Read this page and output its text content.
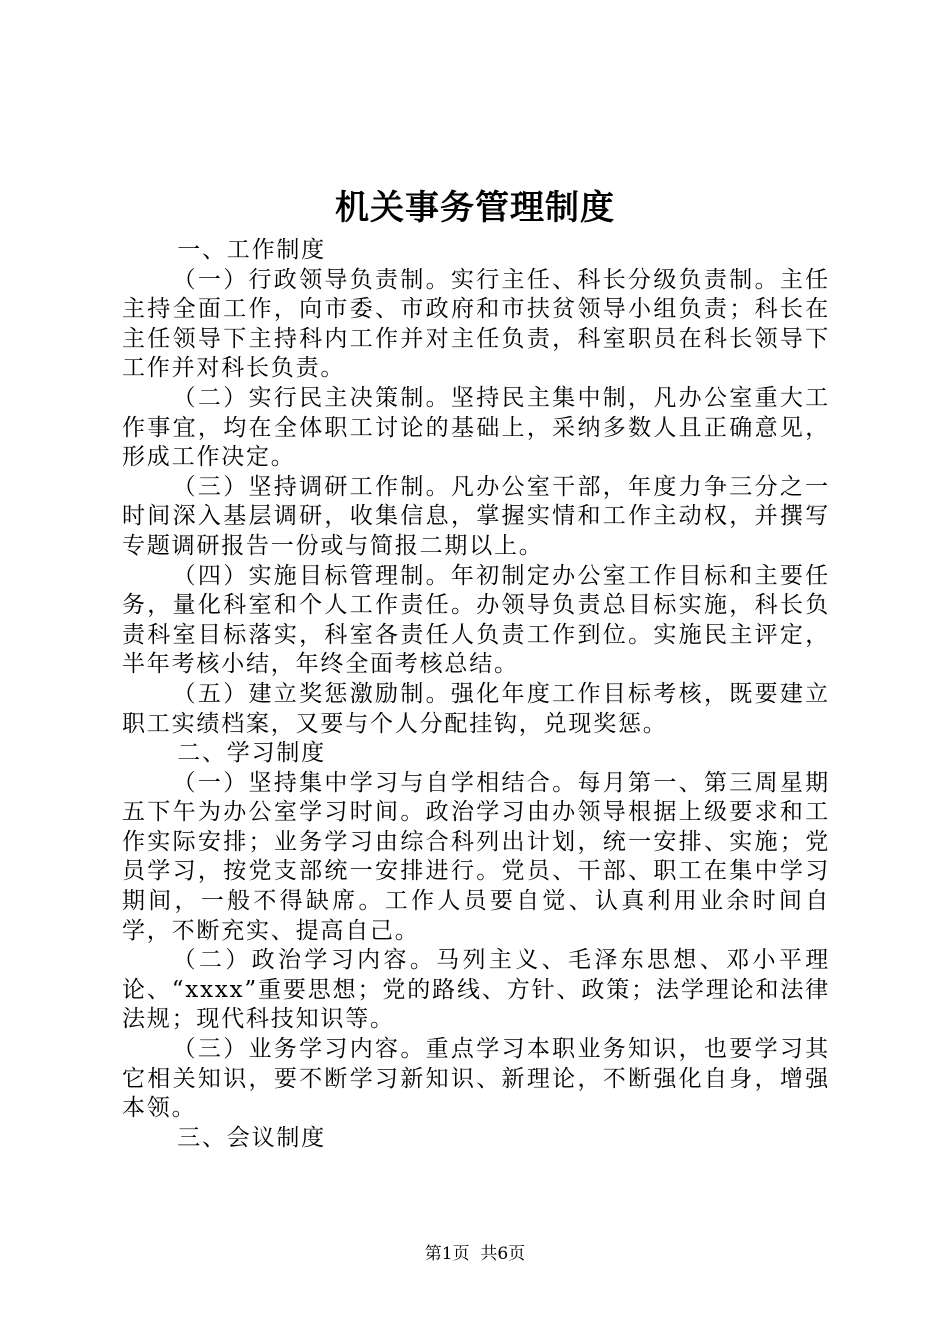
机关事务管理制度

一、工作制度

（一）行政领导负责制。实行主任、科长分级负责制。主任主持全面工作，向市委、市政府和市扶贫领导小组负责；科长在主任领导下主持科内工作并对主任负责，科室职员在科长领导下工作并对科长负责。

（二）实行民主决策制。坚持民主集中制，凡办公室重大工作事宜，均在全体职工讨论的基础上，采纳多数人且正确意见，形成工作决定。

（三）坚持调研工作制。凡办公室干部，年度力争三分之一时间深入基层调研，收集信息，掌握实情和工作主动权，并撰写专题调研报告一份或与简报二期以上。

（四）实施目标管理制。年初制定办公室工作目标和主要任务，量化科室和个人工作责任。办领导负责总目标实施，科长负责科室目标落实，科室各责任人负责工作到位。实施民主评定，半年考核小结，年终全面考核总结。

（五）建立奖惩激励制。强化年度工作目标考核，既要建立职工实绩档案，又要与个人分配挂钩，兑现奖惩。

二、学习制度

（一）坚持集中学习与自学相结合。每月第一、第三周星期五下午为办公室学习时间。政治学习由办领导根据上级要求和工作实际安排；业务学习由综合科列出计划，统一安排、实施；党员学习，按党支部统一安排进行。党员、干部、职工在集中学习期间，一般不得缺席。工作人员要自觉、认真利用业余时间自学，不断充实、提高自己。

（二）政治学习内容。马列主义、毛泽东思想、邓小平理论、“xxxx”重要思想；党的路线、方针、政策；法学理论和法律法规；现代科技知识等。

（三）业务学习内容。重点学习本职业务知识，也要学习其它相关知识，要不断学习新知识、新理论，不断强化自身，增强本领。

三、会议制度

第1页 共6页
